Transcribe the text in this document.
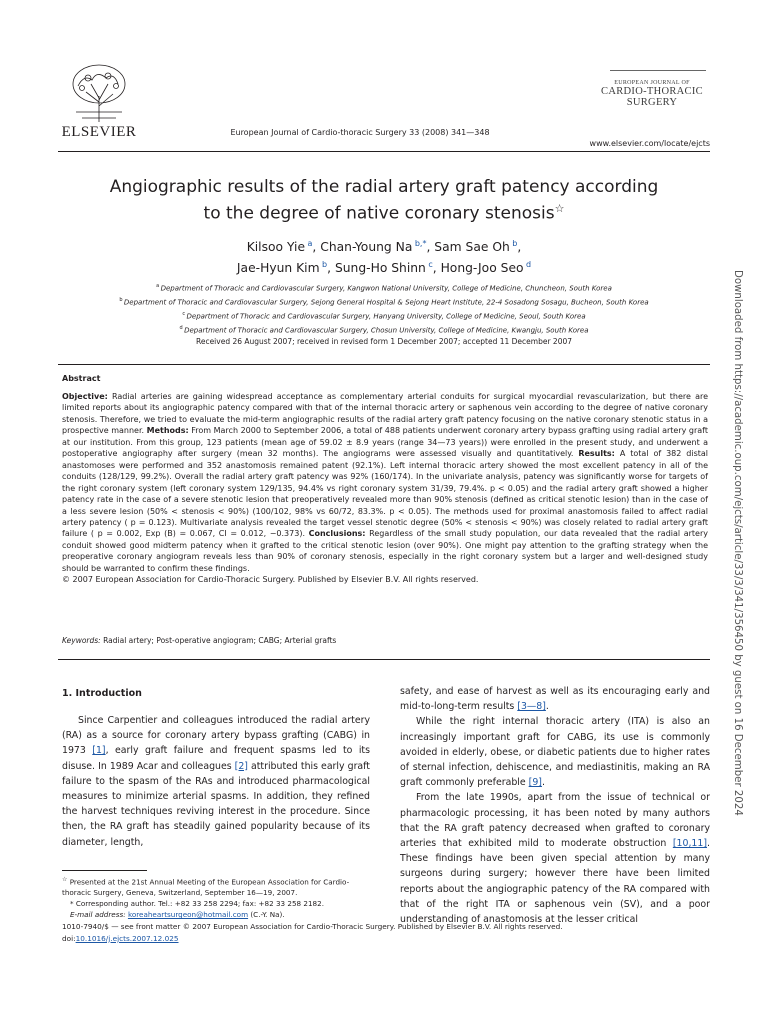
ELSEVIER	European Journal of Cardio-thoracic Surgery 33 (2008) 341—348
EUROPEAN JOURNAL OF
CARDIO-THORACIC
SURGERY
www.elsevier.com/locate/ejcts
Angiographic results of the radial artery graft patency according
to the degree of native coronary stenosis☆
Kilsoo Yie  $^a$, Chan-Young Na  $^{b,*}$, Sam Sae Oh  $^b$,
Jae-Hyun Kim  $^b$, Sung-Ho Shinn  $^c$, Hong-Joo Seo  $^d$
$^a$ Department of Thoracic and Cardiovascular Surgery, Kangwon National University, College of Medicine, Chuncheon, South Korea
$^b$ Department of Thoracic and Cardiovascular Surgery, Sejong General Hospital & Sejong Heart Institute, 22-4 Sosadong Sosagu, Bucheon, South Korea
$^c$ Department of Thoracic and Cardiovascular Surgery, Hanyang University, College of Medicine, Seoul, South Korea
$^d$ Department of Thoracic and Cardiovascular Surgery, Chosun University, College of Medicine, Kwangju, South Korea
Received 26 August 2007; received in revised form 1 December 2007; accepted 11 December 2007
Abstract
Objective: Radial arteries are gaining widespread acceptance as complementary arterial conduits for surgical myocardial revascularization, but there are limited reports about its angiographic patency compared with that of the internal thoracic artery or saphenous vein according to the degree of native coronary stenosis. Therefore, we tried to evaluate the mid-term angiographic results of the radial artery graft patency focusing on the native coronary stenotic status in a prospective manner. Methods: From March 2000 to September 2006, a total of 488 patients underwent coronary artery bypass grafting using radial artery graft at our institution. From this group, 123 patients (mean age of 59.02 ± 8.9 years (range 34—73 years)) were enrolled in the present study, and underwent a postoperative angiography after surgery (mean 32 months). The angiograms were assessed visually and quantitatively. Results: A total of 382 distal anastomoses were performed and 352 anastomosis remained patent (92.1%). Left internal thoracic artery showed the most excellent patency in all of the conduits (128/129, 99.2%). Overall the radial artery graft patency was 92% (160/174). In the univariate analysis, patency was significantly worse for targets of the right coronary system (left coronary system 129/135, 94.4% vs right coronary system 31/39, 79.4%. p < 0.05) and the radial artery graft showed a higher patency rate in the case of a severe stenotic lesion that preoperatively revealed more than 90% stenosis (defined as critical stenotic lesion) than in the case of a less severe lesion (50% < stenosis < 90%) (100/102, 98% vs 60/72, 83.3%. p < 0.05). The methods used for proximal anastomosis failed to affect radial artery patency ( p = 0.123). Multivariate analysis revealed the target vessel stenotic degree (50% < stenosis < 90%) was closely related to radial artery graft failure ( p = 0.002, Exp (B) = 0.067, CI = 0.012, −0.373). Conclusions: Regardless of the small study population, our data revealed that the radial artery conduit showed good midterm patency when it grafted to the critical stenotic lesion (over 90%). One might pay attention to the grafting strategy when the preoperative coronary angiogram reveals less than 90% of coronary stenosis, especially in the right coronary system but a larger and well-designed study should be warranted to confirm these findings.
© 2007 European Association for Cardio-Thoracic Surgery. Published by Elsevier B.V. All rights reserved.
Keywords: Radial artery; Post-operative angiogram; CABG; Arterial grafts
1. Introduction

Since Carpentier and colleagues introduced the radial artery (RA) as a source for coronary artery bypass grafting (CABG) in 1973 [1], early graft failure and frequent spasms led to its disuse. In 1989 Acar and colleagues [2] attributed this early graft failure to the spasm of the RAs and introduced pharmacological measures to minimize arterial spasms. In addition, they refined the harvest techniques reviving interest in the procedure. Since then, the RA graft has steadily gained popularity because of its diameter, length,

safety, and ease of harvest as well as its encouraging early and mid-to-long-term results [3—8].

While the right internal thoracic artery (ITA) is also an increasingly important graft for CABG, its use is commonly avoided in elderly, obese, or diabetic patients due to higher rates of sternal infection, dehiscence, and mediastinitis, making an RA graft commonly preferable [9].

From the late 1990s, apart from the issue of technical or pharmacologic processing, it has been noted by many authors that the RA graft patency decreased when grafted to coronary arteries that exhibited mild to moderate obstruction [10,11]. These findings have been given special attention by many surgeons during surgery; however there have been limited reports about the angiographic patency of the RA compared with that of the right ITA or saphenous vein (SV), and a poor understanding of anastomosis at the lesser critical

☆ Presented at the 21st Annual Meeting of the European Association for Cardio-thoracic Surgery, Geneva, Switzerland, September 16—19, 2007.
* Corresponding author. Tel.: +82 33 258 2294; fax: +82 33 258 2182.
E-mail address: koreaheartsurgeon@hotmail.com (C.-Y. Na).
1010-7940/$ — see front matter © 2007 European Association for Cardio-Thoracic Surgery. Published by Elsevier B.V. All rights reserved.
doi:10.1016/j.ejcts.2007.12.025
Downloaded from https://academic.oup.com/ejcts/article/33/3/341/356450 by guest on 16 December 2024
